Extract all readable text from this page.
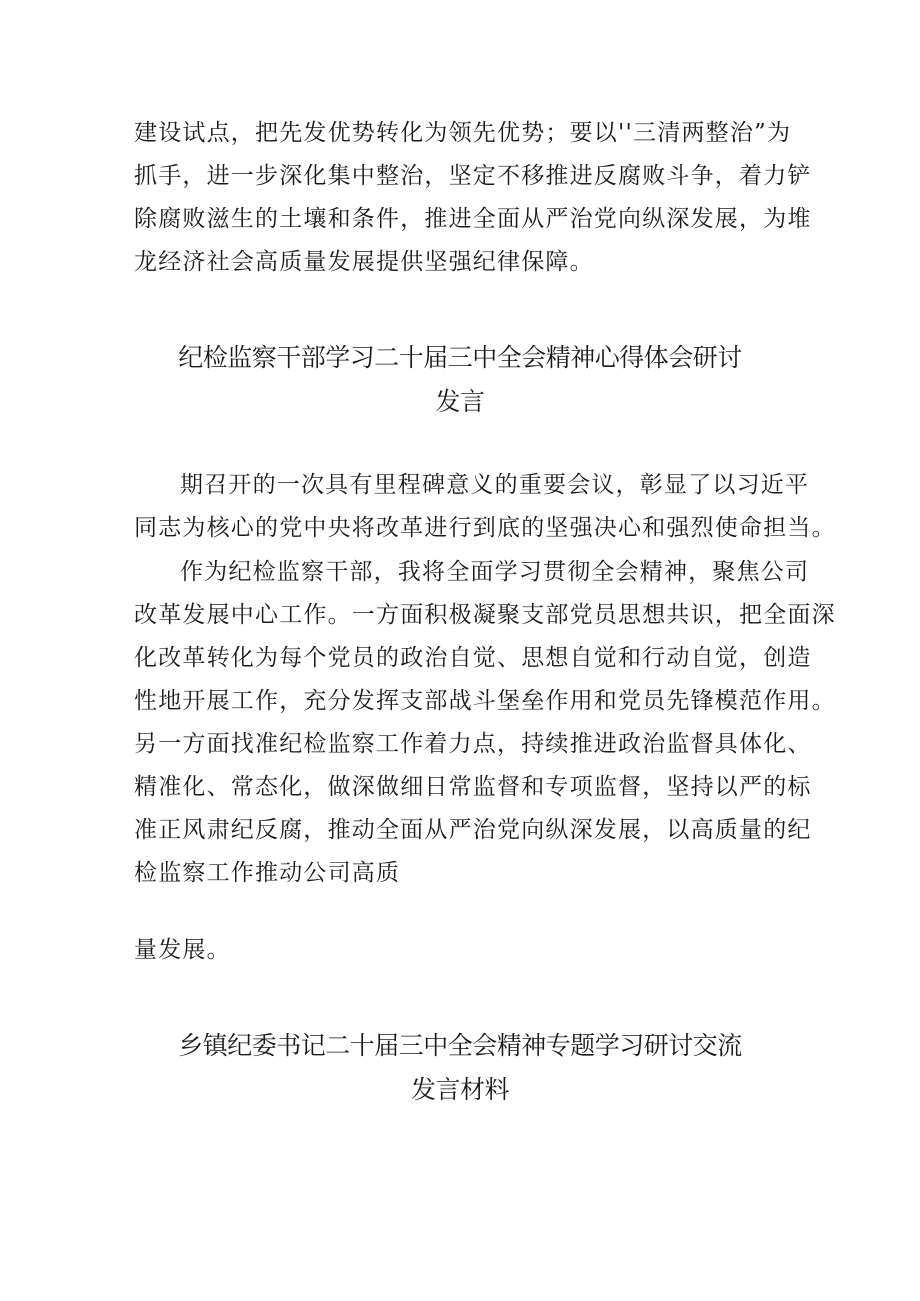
建设试点，把先发优势转化为领先优势；要以''三清两整治”为
抓手，进一步深化集中整治，坚定不移推进反腐败斗争，着力铲
除腐败滋生的土壤和条件，推进全面从严治党向纵深发展，为堆
龙经济社会高质量发展提供坚强纪律保障。

纪检监察干部学习二十届三中全会精神心得体会研讨
发言

期召开的一次具有里程碑意义的重要会议，彰显了以习近平
同志为核心的党中央将改革进行到底的坚强决心和强烈使命担当。

作为纪检监察干部，我将全面学习贯彻全会精神，聚焦公司
改革发展中心工作。一方面积极凝聚支部党员思想共识，把全面深
化改革转化为每个党员的政治自觉、思想自觉和行动自觉，创造
性地开展工作，充分发挥支部战斗堡垒作用和党员先锋模范作用。
另一方面找准纪检监察工作着力点，持续推进政治监督具体化、
精准化、常态化，做深做细日常监督和专项监督，坚持以严的标
准正风肃纪反腐，推动全面从严治党向纵深发展，以高质量的纪
检监察工作推动公司高质

量发展。

乡镇纪委书记二十届三中全会精神专题学习研讨交流
发言材料
